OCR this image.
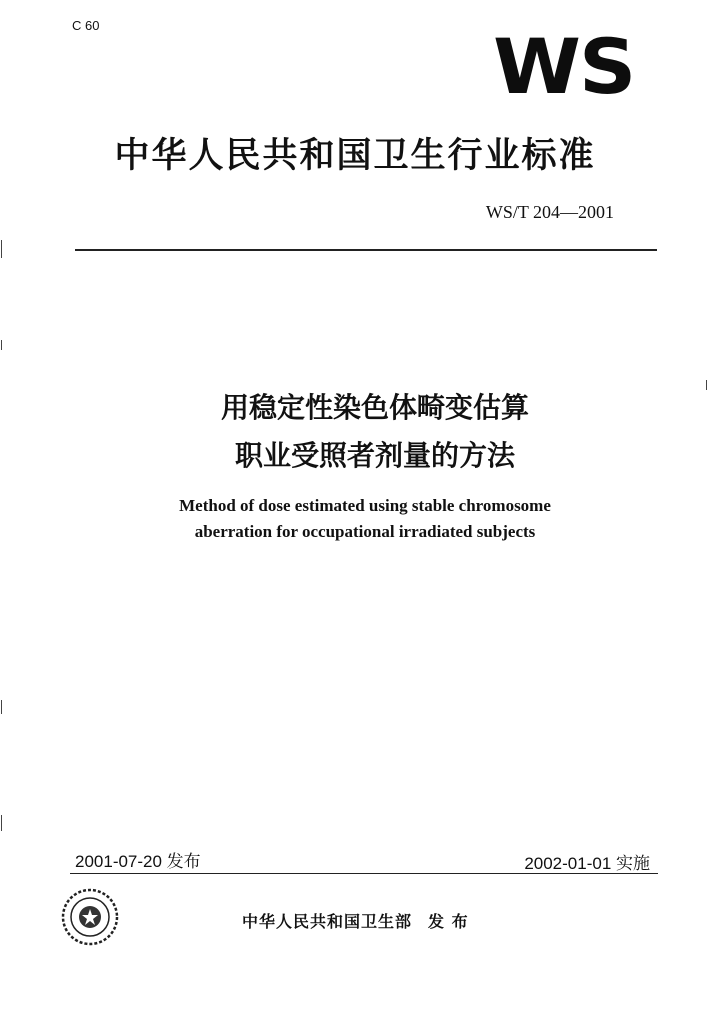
C 60	WS
中华人民共和国卫生行业标准
WS/T 204—2001
用稳定性染色体畸变估算
职业受照者剂量的方法
Method of dose estimated using stable chromosome
aberration for occupational irradiated subjects
2001-07-20 发布	2002-01-01 实施
中华人民共和国卫生部 发 布
